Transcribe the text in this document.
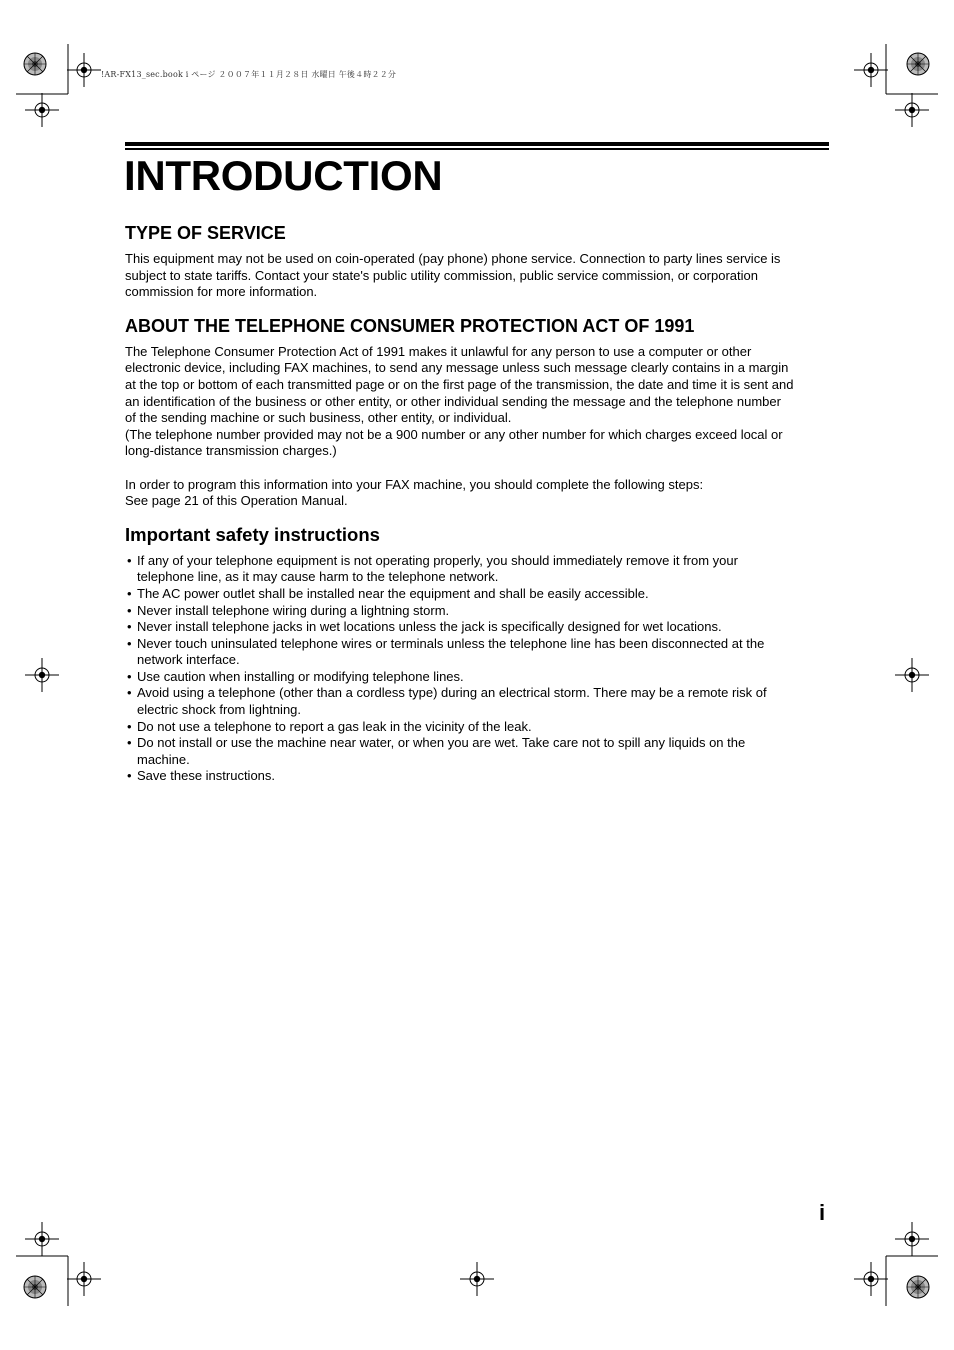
!AR-FX13_sec.book i ページ ２００７年１１月２８日 水曜日 午後４時２２分
INTRODUCTION
TYPE OF SERVICE

This equipment may not be used on coin-operated (pay phone) phone service. Connection to party lines service is

subject to state tariffs. Contact your state's public utility commission, public service commission, or corporation

commission for more information.

ABOUT THE TELEPHONE CONSUMER PROTECTION ACT OF 1991

The Telephone Consumer Protection Act of 1991 makes it unlawful for any person to use a computer or other

electronic device, including FAX machines, to send any message unless such message clearly contains in a margin

at the top or bottom of each transmitted page or on the first page of the transmission, the date and time it is sent and

an identification of the business or other entity, or other individual sending the message and the telephone number

of the sending machine or such business, other entity, or individual.

(The telephone number provided may not be a 900 number or any other number for which charges exceed local or

long-distance transmission charges.)

In order to program this information into your FAX machine, you should complete the following steps:

See page 21 of this Operation Manual.

Important safety instructions
• If any of your telephone equipment is not operating properly, you should immediately remove it from your
telephone line, as it may cause harm to the telephone network.
• The AC power outlet shall be installed near the equipment and shall be easily accessible.
• Never install telephone wiring during a lightning storm.
• Never install telephone jacks in wet locations unless the jack is specifically designed for wet locations.
• Never touch uninsulated telephone wires or terminals unless the telephone line has been disconnected at the
network interface.
• Use caution when installing or modifying telephone lines.
• Avoid using a telephone (other than a cordless type) during an electrical storm. There may be a remote risk of
electric shock from lightning.
• Do not use a telephone to report a gas leak in the vicinity of the leak.
• Do not install or use the machine near water, or when you are wet. Take care not to spill any liquids on the
machine.
• Save these instructions.
i
